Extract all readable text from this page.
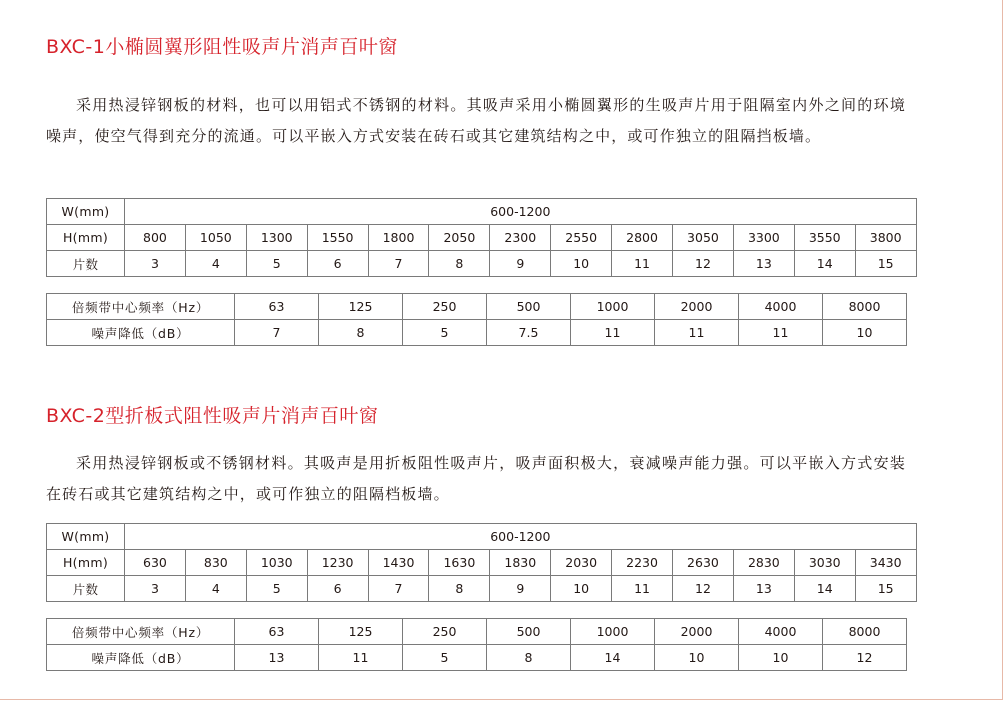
BXC-1小椭圆翼形阻性吸声片消声百叶窗

采用热浸锌钢板的材料，也可以用铝式不锈钢的材料。其吸声采用小椭圆翼形的生吸声片用于阻隔室内外之间的环境噪声，使空气得到充分的流通。可以平嵌入方式安装在砖石或其它建筑结构之中，或可作独立的阻隔挡板墙。

W(mm)	600-1200												
H(mm)	800	1050	1300	1550	1800	2050	2300	2550	2800	3050	3300	3550	3800
片数	3	4	5	6	7	8	9	10	11	12	13	14	15
倍频带中心频率（Hz）	63	125	250	500	1000	2000	4000	8000
噪声降低（dB）	7	8	5	7.5	11	11	11	10
BXC-2型折板式阻性吸声片消声百叶窗

采用热浸锌钢板或不锈钢材料。其吸声是用折板阻性吸声片，吸声面积极大，衰减噪声能力强。可以平嵌入方式安装在砖石或其它建筑结构之中，或可作独立的阻隔档板墙。

W(mm)	600-1200												
H(mm)	630	830	1030	1230	1430	1630	1830	2030	2230	2630	2830	3030	3430
片数	3	4	5	6	7	8	9	10	11	12	13	14	15
倍频带中心频率（Hz）	63	125	250	500	1000	2000	4000	8000
噪声降低（dB）	13	11	5	8	14	10	10	12
